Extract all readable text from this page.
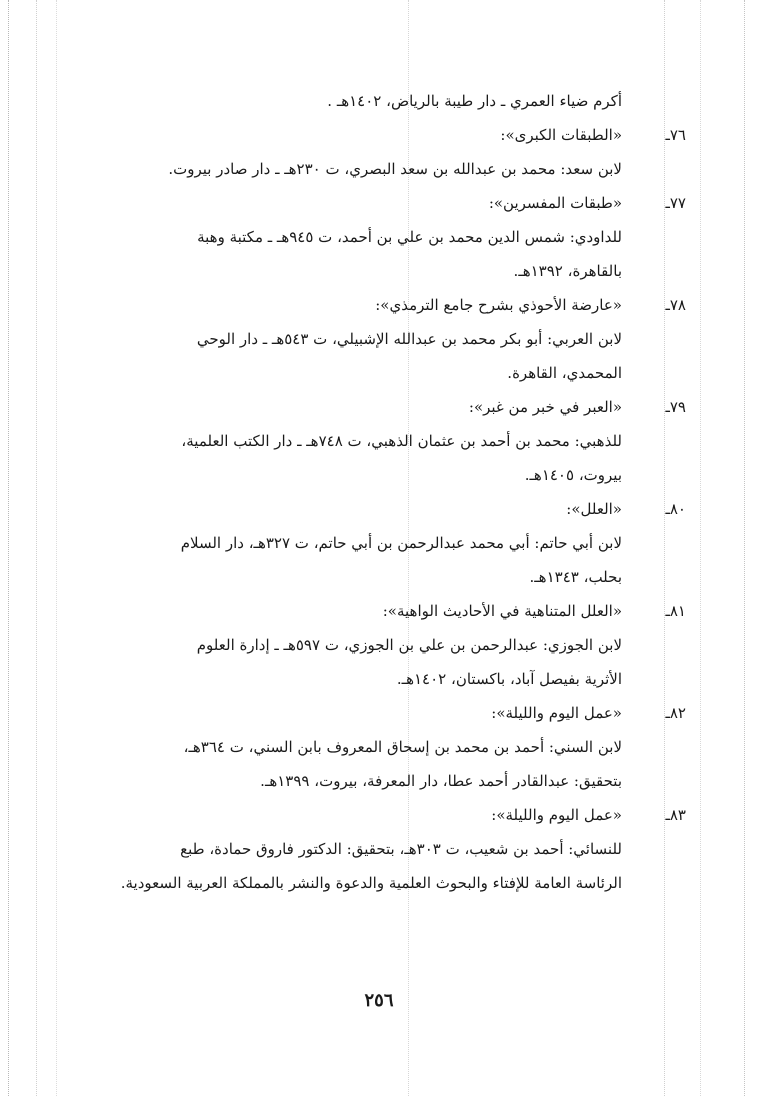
أكرم ضياء العمري ـ دار طيبة بالرياض، ١٤٠٢هـ .
٧٦ـ
«الطبقات الكبرى»:
لابن سعد: محمد بن عبدالله بن سعد البصري، ت ٢٣٠هـ ـ دار صادر بيروت.
٧٧ـ
«طبقات المفسرين»:
للداودي: شمس الدين محمد بن علي بن أحمد، ت ٩٤٥هـ ـ مكتبة وهبة
بالقاهرة، ١٣٩٢هـ.
٧٨ـ
«عارضة الأحوذي بشرح جامع الترمذي»:
لابن العربي: أبو بكر محمد بن عبدالله الإشبيلي، ت ٥٤٣هـ ـ دار الوحي
المحمدي، القاهرة.
٧٩ـ
«العبر في خبر من غبر»:
للذهبي: محمد بن أحمد بن عثمان الذهبي، ت ٧٤٨هـ ـ دار الكتب العلمية،
بيروت، ١٤٠٥هـ.
٨٠ـ
«العلل»:
لابن أبي حاتم: أبي محمد عبدالرحمن بن أبي حاتم، ت ٣٢٧هـ، دار السلام
بحلب، ١٣٤٣هـ.
٨١ـ
«العلل المتناهية في الأحاديث الواهية»:
لابن الجوزي: عبدالرحمن بن علي بن الجوزي، ت ٥٩٧هـ ـ إدارة العلوم
الأثرية بفيصل آباد، باكستان، ١٤٠٢هـ.
٨٢ـ
«عمل اليوم والليلة»:
لابن السني: أحمد بن محمد بن إسحاق المعروف بابن السني، ت ٣٦٤هـ،
بتحقيق: عبدالقادر أحمد عطا، دار المعرفة، بيروت، ١٣٩٩هـ.
٨٣ـ
«عمل اليوم والليلة»:
للنسائي: أحمد بن شعيب، ت ٣٠٣هـ، بتحقيق: الدكتور فاروق حمادة، طبع
الرئاسة العامة للإفتاء والبحوث العلمية والدعوة والنشر بالمملكة العربية السعودية.
٢٥٦
